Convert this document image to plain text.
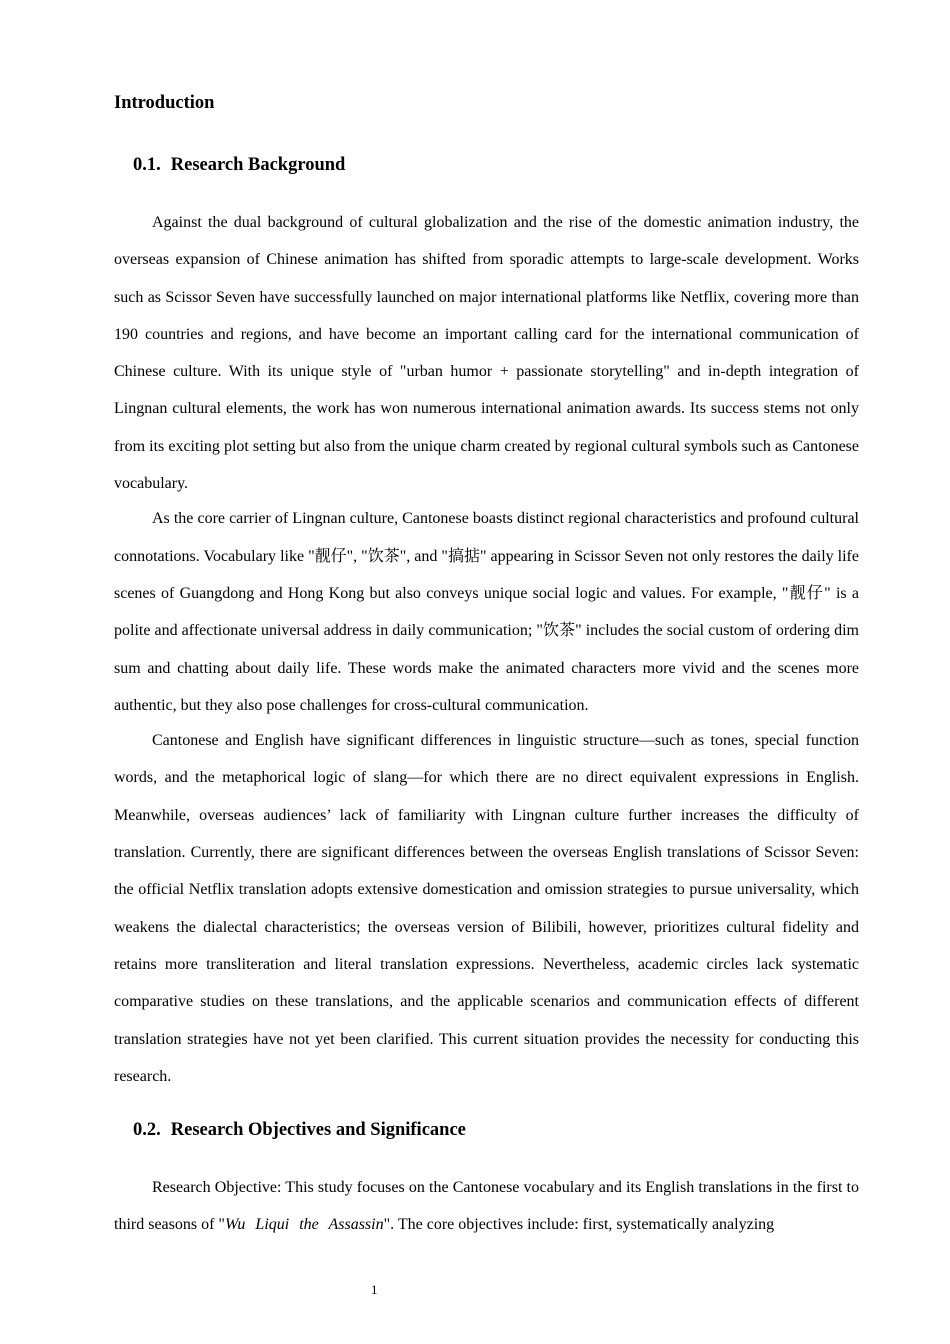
Introduction
0.1. Research Background

Against the dual background of cultural globalization and the rise of the domestic animation industry, the overseas expansion of Chinese animation has shifted from sporadic attempts to large-scale development. Works such as Scissor Seven have successfully launched on major international platforms like Netflix, covering more than 190 countries and regions, and have become an important calling card for the international communication of Chinese culture. With its unique style of "urban humor + passionate storytelling" and in-depth integration of Lingnan cultural elements, the work has won numerous international animation awards. Its success stems not only from its exciting plot setting but also from the unique charm created by regional cultural symbols such as Cantonese vocabulary.

As the core carrier of Lingnan culture, Cantonese boasts distinct regional characteristics and profound cultural connotations. Vocabulary like "靓仔", "饮茶", and "搞掂" appearing in Scissor Seven not only restores the daily life scenes of Guangdong and Hong Kong but also conveys unique social logic and values. For example, "靓仔" is a polite and affectionate universal address in daily communication; "饮茶" includes the social custom of ordering dim sum and chatting about daily life. These words make the animated characters more vivid and the scenes more authentic, but they also pose challenges for cross-cultural communication.

Cantonese and English have significant differences in linguistic structure—such as tones, special function words, and the metaphorical logic of slang—for which there are no direct equivalent expressions in English. Meanwhile, overseas audiences’ lack of familiarity with Lingnan culture further increases the difficulty of translation. Currently, there are significant differences between the overseas English translations of Scissor Seven: the official Netflix translation adopts extensive domestication and omission strategies to pursue universality, which weakens the dialectal characteristics; the overseas version of Bilibili, however, prioritizes cultural fidelity and retains more transliteration and literal translation expressions. Nevertheless, academic circles lack systematic comparative studies on these translations, and the applicable scenarios and communication effects of different translation strategies have not yet been clarified. This current situation provides the necessity for conducting this research.

0.2. Research Objectives and Significance

Research Objective: This study focuses on the Cantonese vocabulary and its English translations in the first to third seasons of "Wu Liqui the Assassin". The core objectives include: first, systematically analyzing

1
